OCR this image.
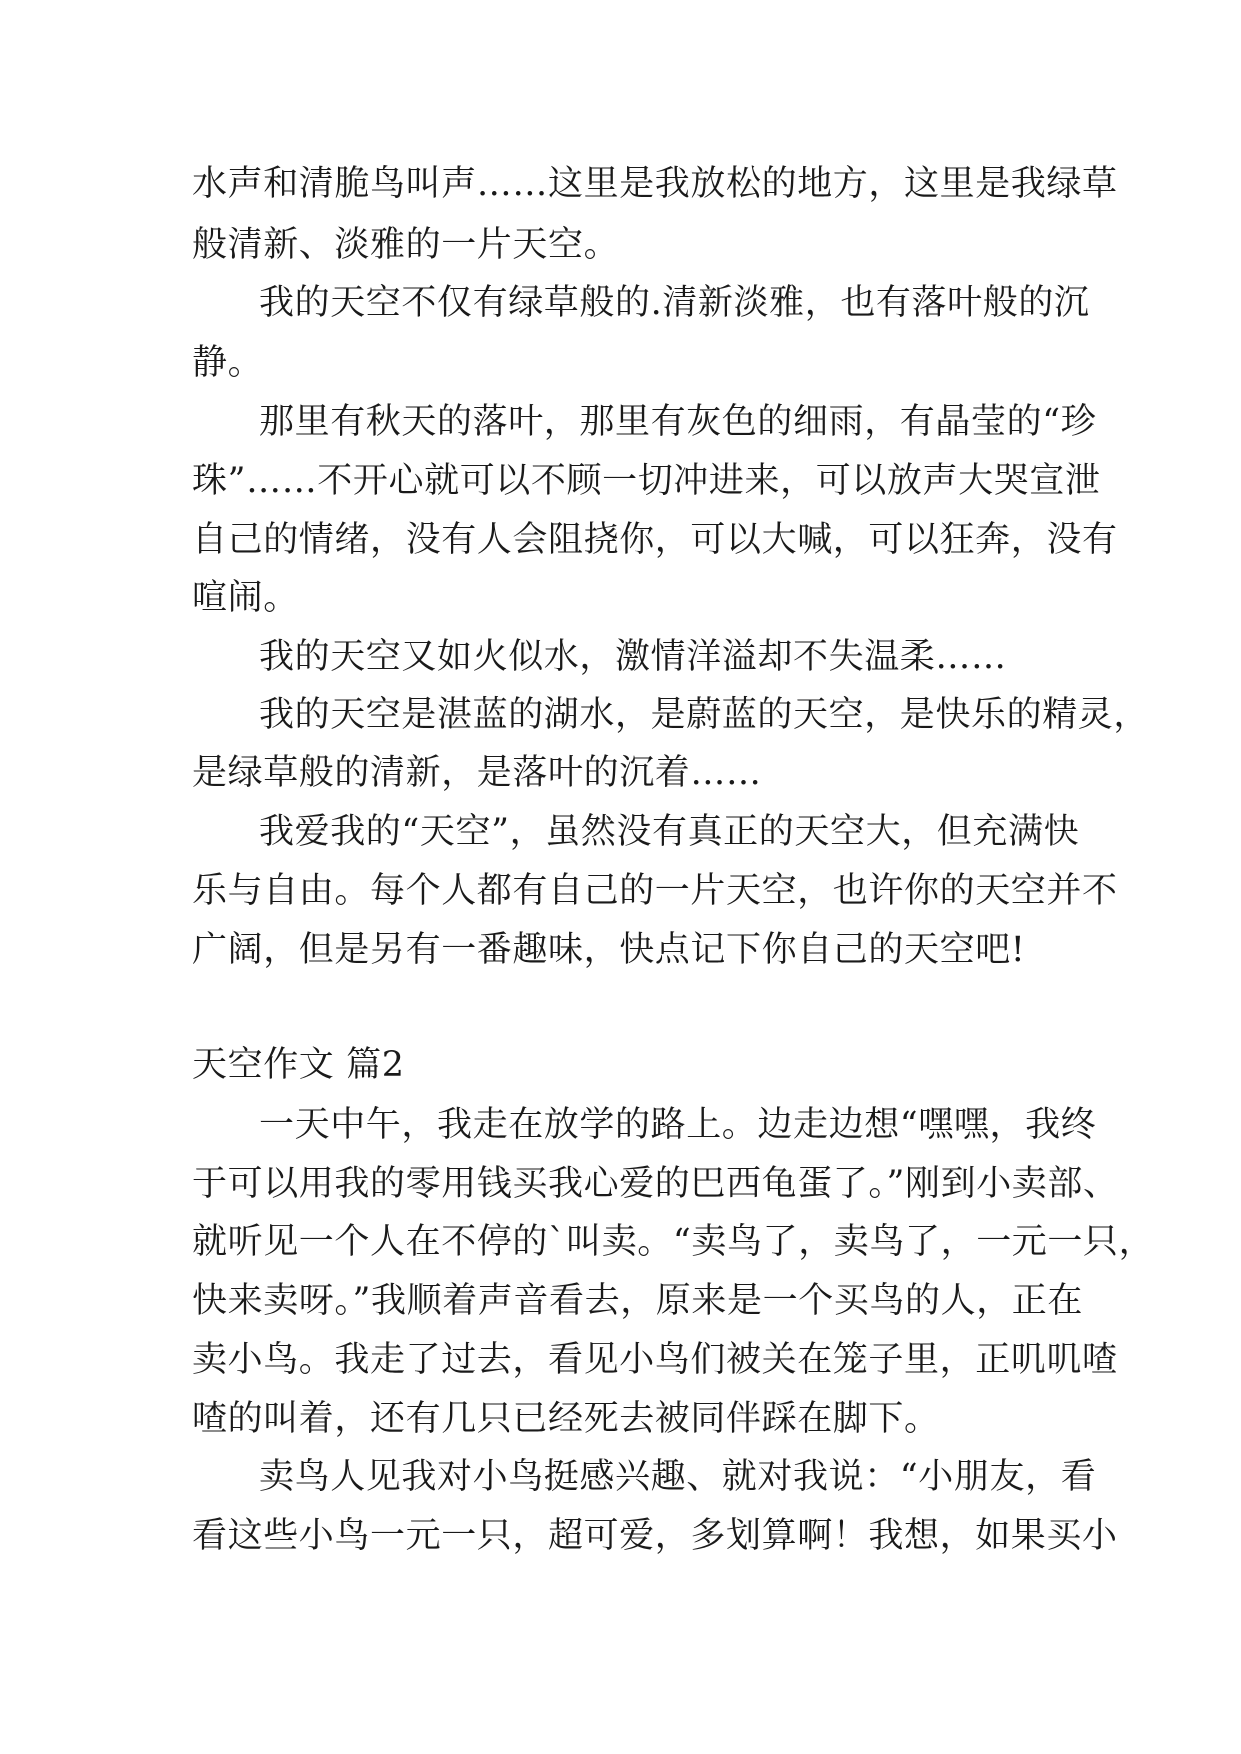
水声和清脆鸟叫声……这里是我放松的地方，这里是我绿草
般清新、淡雅的一片天空。
我的天空不仅有绿草般的.清新淡雅，也有落叶般的沉
静。
那里有秋天的落叶，那里有灰色的细雨，有晶莹的“珍
珠”……不开心就可以不顾一切冲进来，可以放声大哭宣泄
自己的情绪，没有人会阻挠你，可以大喊，可以狂奔，没有
喧闹。
我的天空又如火似水，激情洋溢却不失温柔……
我的天空是湛蓝的湖水，是蔚蓝的天空，是快乐的精灵，
是绿草般的清新，是落叶的沉着……
我爱我的“天空”，虽然没有真正的天空大，但充满快
乐与自由。每个人都有自己的一片天空，也许你的天空并不
广阔，但是另有一番趣味，快点记下你自己的天空吧!
天空作文 篇2
一天中午，我走在放学的路上。边走边想“嘿嘿，我终
于可以用我的零用钱买我心爱的巴西龟蛋了。”刚到小卖部、
就听见一个人在不停的`叫卖。“卖鸟了，卖鸟了，一元一只，
快来卖呀。”我顺着声音看去，原来是一个买鸟的人，正在
卖小鸟。我走了过去，看见小鸟们被关在笼子里，正叽叽喳
喳的叫着，还有几只已经死去被同伴踩在脚下。
卖鸟人见我对小鸟挺感兴趣、就对我说：“小朋友，看
看这些小鸟一元一只，超可爱，多划算啊！我想，如果买小
